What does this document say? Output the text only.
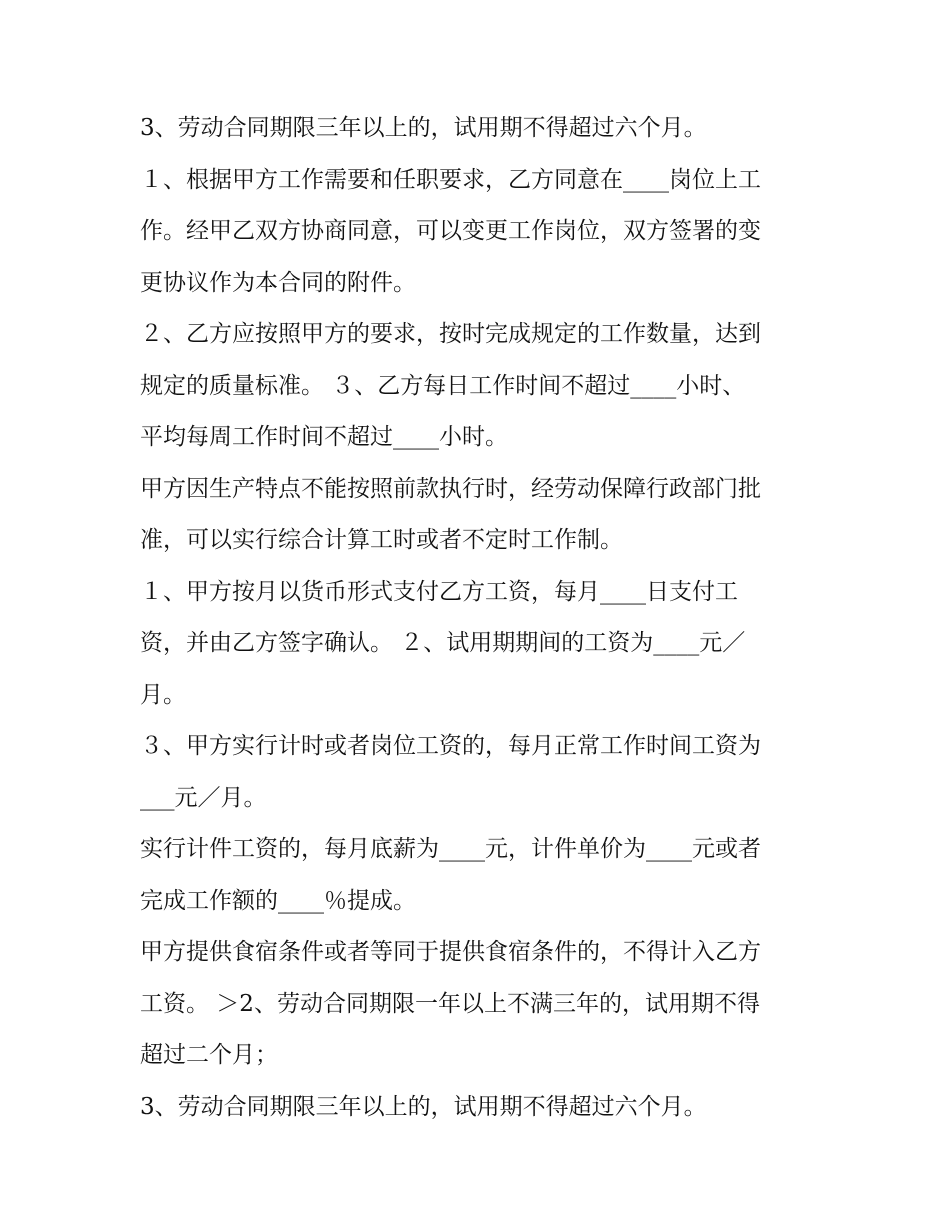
3、劳动合同期限三年以上的，试用期不得超过六个月。
１、根据甲方工作需要和任职要求，乙方同意在____岗位上工
作。经甲乙双方协商同意，可以变更工作岗位，双方签署的变
更协议作为本合同的附件。
２、乙方应按照甲方的要求，按时完成规定的工作数量，达到
规定的质量标准。 ３、乙方每日工作时间不超过____小时、
平均每周工作时间不超过____小时。
甲方因生产特点不能按照前款执行时，经劳动保障行政部门批
准，可以实行综合计算工时或者不定时工作制。
１、甲方按月以货币形式支付乙方工资，每月____日支付工
资，并由乙方签字确认。 ２、试用期期间的工资为____元／
月。
３、甲方实行计时或者岗位工资的，每月正常工作时间工资为
___元／月。
实行计件工资的，每月底薪为____元，计件单价为____元或者
完成工作额的____％提成。
甲方提供食宿条件或者等同于提供食宿条件的，不得计入乙方
工资。 ＞2、劳动合同期限一年以上不满三年的，试用期不得
超过二个月；
3、劳动合同期限三年以上的，试用期不得超过六个月。
